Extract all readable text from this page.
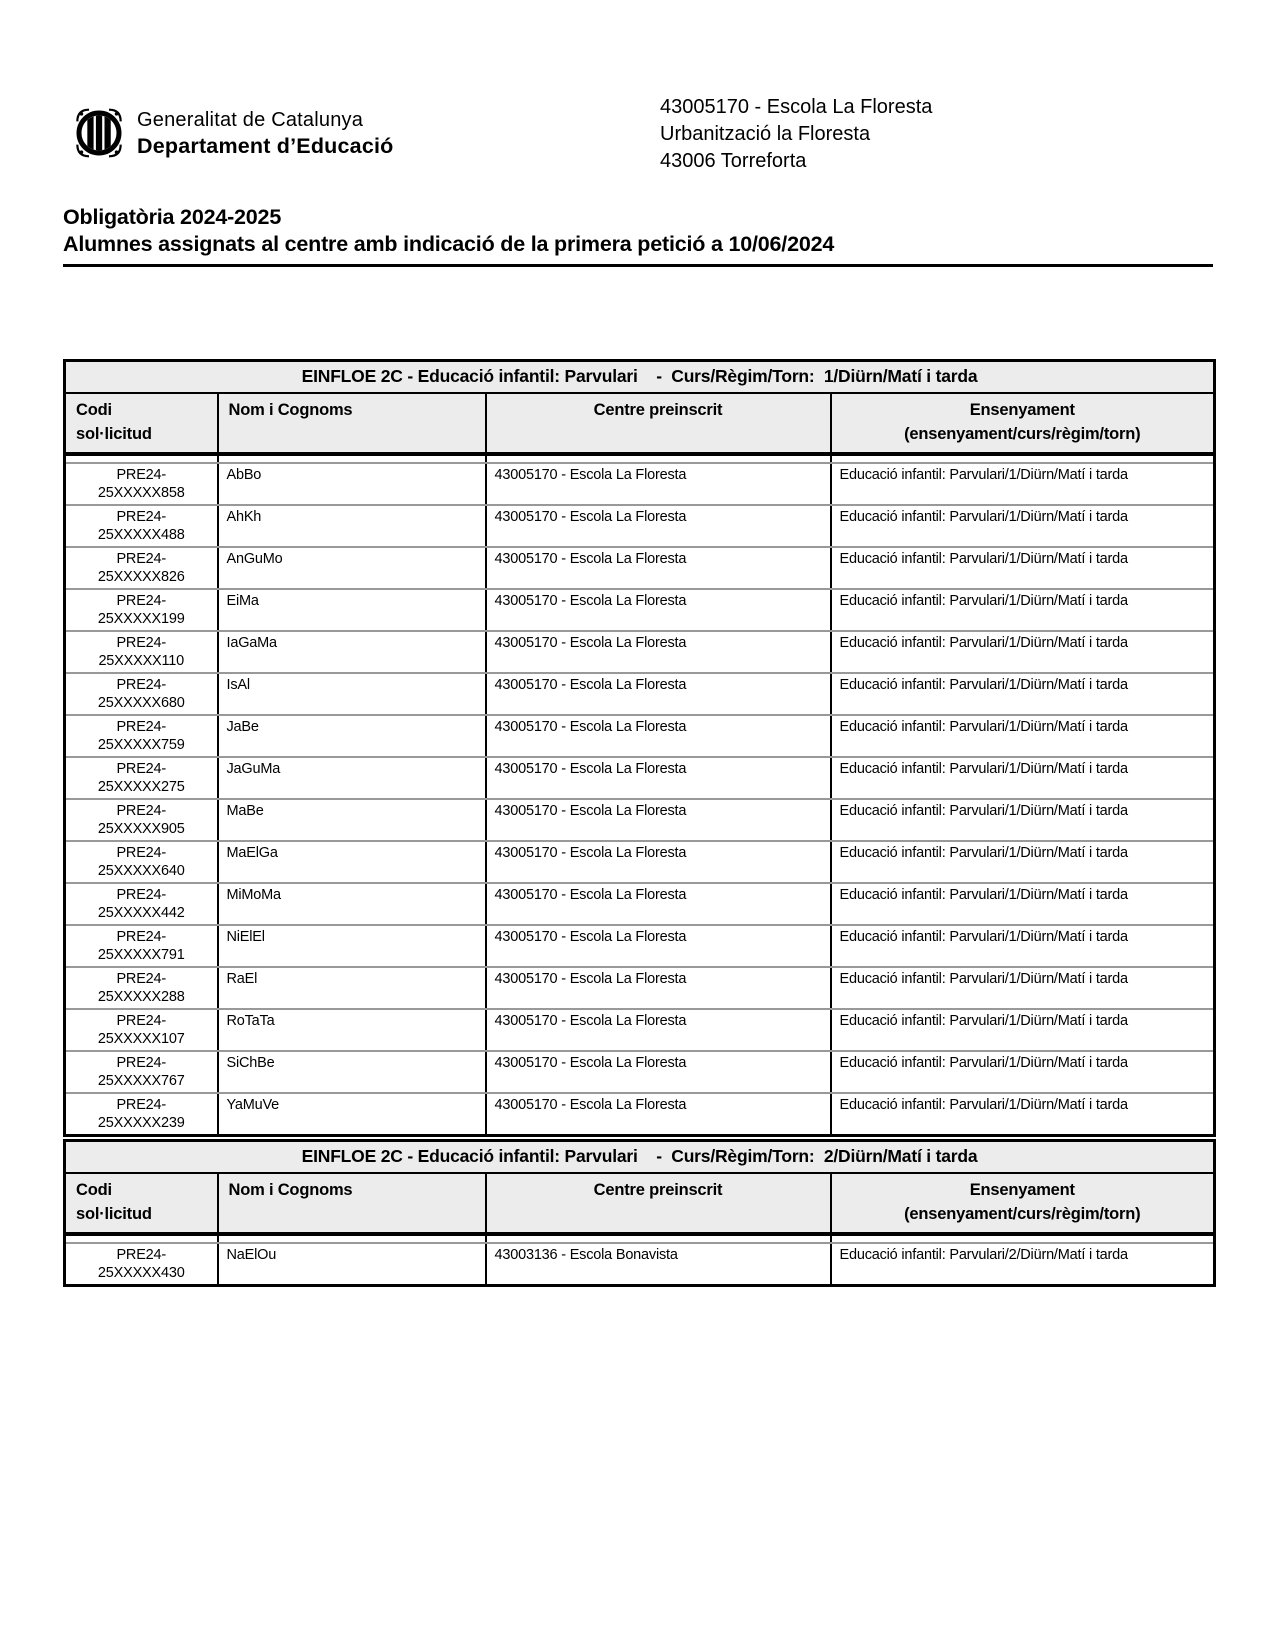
Generalitat de Catalunya
Departament d’Educació
43005170 - Escola La Floresta
Urbanització la Floresta
43006 Torreforta
Obligatòria 2024-2025
Alumnes assignats al centre amb indicació de la primera petició a 10/06/2024
EINFLOE 2C - Educació infantil: Parvulari    -  Curs/Règim/Torn:  1/Diürn/Matí i tarda			

Codi
sol·licitud	Nom i Cognoms	Centre preinscrit	Ensenyament
(ensenyament/curs/règim/torn)

PRE24-
25XXXXX858	AbBo	43005170 - Escola La Floresta	Educació infantil: Parvulari/1/Diürn/Matí i tarda

PRE24-
25XXXXX488	AhKh	43005170 - Escola La Floresta	Educació infantil: Parvulari/1/Diürn/Matí i tarda

PRE24-
25XXXXX826	AnGuMo	43005170 - Escola La Floresta	Educació infantil: Parvulari/1/Diürn/Matí i tarda

PRE24-
25XXXXX199	EiMa	43005170 - Escola La Floresta	Educació infantil: Parvulari/1/Diürn/Matí i tarda

PRE24-
25XXXXX110	IaGaMa	43005170 - Escola La Floresta	Educació infantil: Parvulari/1/Diürn/Matí i tarda

PRE24-
25XXXXX680	IsAl	43005170 - Escola La Floresta	Educació infantil: Parvulari/1/Diürn/Matí i tarda

PRE24-
25XXXXX759	JaBe	43005170 - Escola La Floresta	Educació infantil: Parvulari/1/Diürn/Matí i tarda

PRE24-
25XXXXX275	JaGuMa	43005170 - Escola La Floresta	Educació infantil: Parvulari/1/Diürn/Matí i tarda

PRE24-
25XXXXX905	MaBe	43005170 - Escola La Floresta	Educació infantil: Parvulari/1/Diürn/Matí i tarda

PRE24-
25XXXXX640	MaElGa	43005170 - Escola La Floresta	Educació infantil: Parvulari/1/Diürn/Matí i tarda

PRE24-
25XXXXX442	MiMoMa	43005170 - Escola La Floresta	Educació infantil: Parvulari/1/Diürn/Matí i tarda

PRE24-
25XXXXX791	NiElEl	43005170 - Escola La Floresta	Educació infantil: Parvulari/1/Diürn/Matí i tarda

PRE24-
25XXXXX288	RaEl	43005170 - Escola La Floresta	Educació infantil: Parvulari/1/Diürn/Matí i tarda

PRE24-
25XXXXX107	RoTaTa	43005170 - Escola La Floresta	Educació infantil: Parvulari/1/Diürn/Matí i tarda

PRE24-
25XXXXX767	SiChBe	43005170 - Escola La Floresta	Educació infantil: Parvulari/1/Diürn/Matí i tarda

PRE24-
25XXXXX239	YaMuVe	43005170 - Escola La Floresta	Educació infantil: Parvulari/1/Diürn/Matí i tarda
EINFLOE 2C - Educació infantil: Parvulari    -  Curs/Règim/Torn:  2/Diürn/Matí i tarda			

Codi
sol·licitud	Nom i Cognoms	Centre preinscrit	Ensenyament
(ensenyament/curs/règim/torn)

PRE24-
25XXXXX430	NaElOu	43003136 - Escola Bonavista	Educació infantil: Parvulari/2/Diürn/Matí i tarda
